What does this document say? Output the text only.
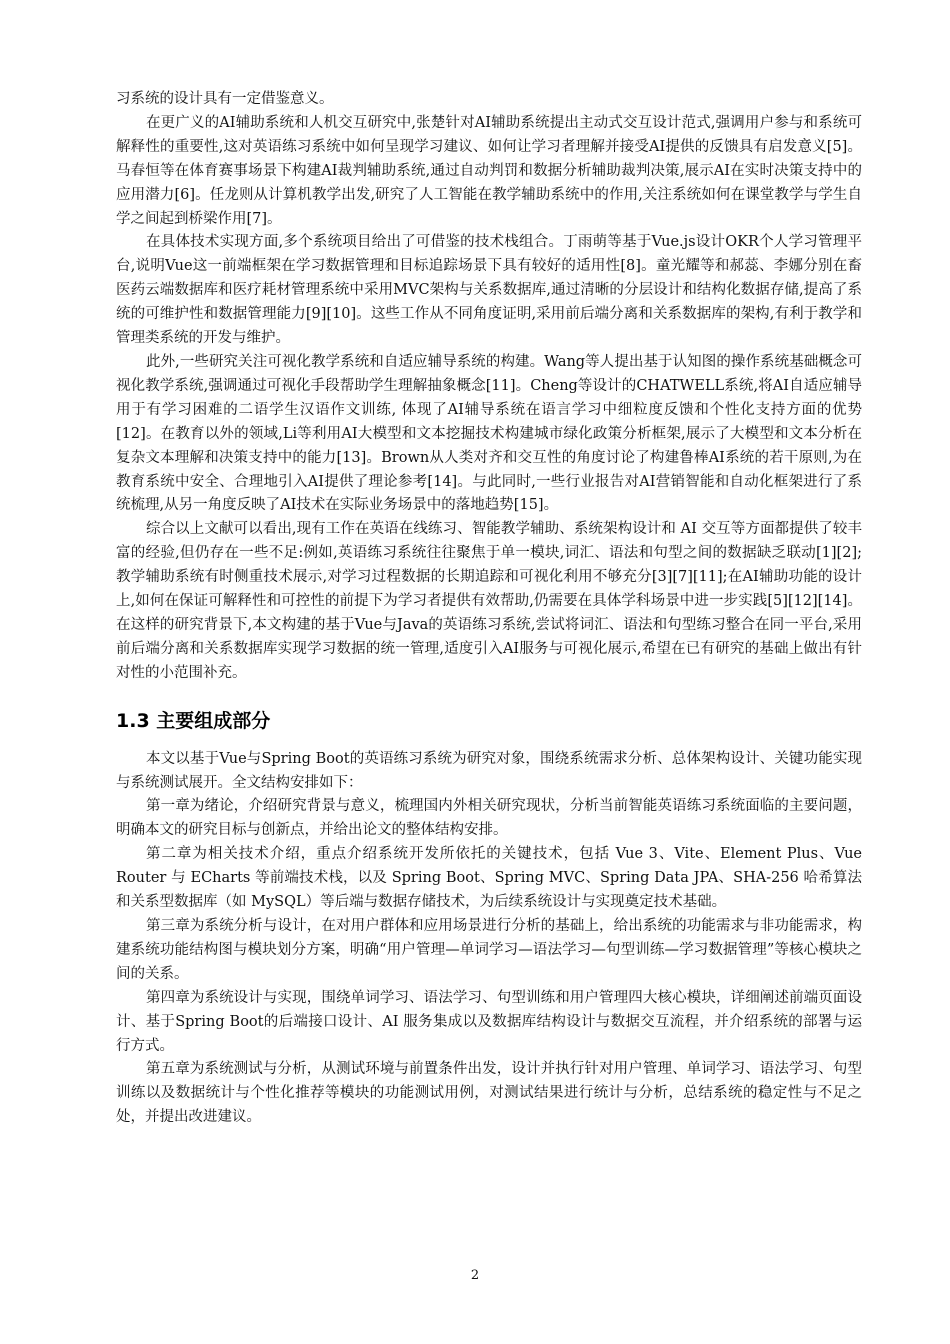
习系统的设计具有一定借鉴意义。

在更广义的AI辅助系统和人机交互研究中,张楚针对AI辅助系统提出主动式交互设计范式,强调用户参与和系统可解释性的重要性,这对英语练习系统中如何呈现学习建议、如何让学习者理解并接受AI提供的反馈具有启发意义[5]。马春恒等在体育赛事场景下构建AI裁判辅助系统,通过自动判罚和数据分析辅助裁判决策,展示AI在实时决策支持中的应用潜力[6]。任龙则从计算机教学出发,研究了人工智能在教学辅助系统中的作用,关注系统如何在课堂教学与学生自学之间起到桥梁作用[7]。

在具体技术实现方面,多个系统项目给出了可借鉴的技术栈组合。丁雨萌等基于Vue.js设计OKR个人学习管理平台,说明Vue这一前端框架在学习数据管理和目标追踪场景下具有较好的适用性[8]。童光耀等和郝蕊、李娜分别在畜医药云端数据库和医疗耗材管理系统中采用MVC架构与关系数据库,通过清晰的分层设计和结构化数据存储,提高了系统的可维护性和数据管理能力[9][10]。这些工作从不同角度证明,采用前后端分离和关系数据库的架构,有利于教学和管理类系统的开发与维护。

此外,一些研究关注可视化教学系统和自适应辅导系统的构建。Wang等人提出基于认知图的操作系统基础概念可视化教学系统,强调通过可视化手段帮助学生理解抽象概念[11]。Cheng等设计的CHATWELL系统,将AI自适应辅导用于有学习困难的二语学生汉语作文训练, 体现了AI辅导系统在语言学习中细粒度反馈和个性化支持方面的优势[12]。在教育以外的领域,Li等利用AI大模型和文本挖掘技术构建城市绿化政策分析框架,展示了大模型和文本分析在复杂文本理解和决策支持中的能力[13]。Brown从人类对齐和交互性的角度讨论了构建鲁棒AI系统的若干原则,为在教育系统中安全、合理地引入AI提供了理论参考[14]。与此同时,一些行业报告对AI营销智能和自动化框架进行了系统梳理,从另一角度反映了AI技术在实际业务场景中的落地趋势[15]。

综合以上文献可以看出,现有工作在英语在线练习、智能教学辅助、系统架构设计和 AI 交互等方面都提供了较丰富的经验,但仍存在一些不足:例如,英语练习系统往往聚焦于单一模块,词汇、语法和句型之间的数据缺乏联动[1][2];教学辅助系统有时侧重技术展示,对学习过程数据的长期追踪和可视化利用不够充分[3][7][11];在AI辅助功能的设计上,如何在保证可解释性和可控性的前提下为学习者提供有效帮助,仍需要在具体学科场景中进一步实践[5][12][14]。在这样的研究背景下,本文构建的基于Vue与Java的英语练习系统,尝试将词汇、语法和句型练习整合在同一平台,采用前后端分离和关系数据库实现学习数据的统一管理,适度引入AI服务与可视化展示,希望在已有研究的基础上做出有针对性的小范围补充。

1.3 主要组成部分

本文以基于Vue与Spring Boot的英语练习系统为研究对象，围绕系统需求分析、总体架构设计、关键功能实现与系统测试展开。全文结构安排如下：

第一章为绪论，介绍研究背景与意义，梳理国内外相关研究现状，分析当前智能英语练习系统面临的主要问题，明确本文的研究目标与创新点，并给出论文的整体结构安排。

第二章为相关技术介绍，重点介绍系统开发所依托的关键技术，包括 Vue 3、Vite、Element Plus、Vue Router 与 ECharts 等前端技术栈，以及 Spring Boot、Spring MVC、Spring Data JPA、SHA-256 哈希算法和关系型数据库（如 MySQL）等后端与数据存储技术，为后续系统设计与实现奠定技术基础。

第三章为系统分析与设计，在对用户群体和应用场景进行分析的基础上，给出系统的功能需求与非功能需求，构建系统功能结构图与模块划分方案，明确“用户管理—单词学习—语法学习—句型训练—学习数据管理”等核心模块之间的关系。

第四章为系统设计与实现，围绕单词学习、语法学习、句型训练和用户管理四大核心模块，详细阐述前端页面设计、基于Spring Boot的后端接口设计、AI 服务集成以及数据库结构设计与数据交互流程，并介绍系统的部署与运行方式。

第五章为系统测试与分析，从测试环境与前置条件出发，设计并执行针对用户管理、单词学习、语法学习、句型训练以及数据统计与个性化推荐等模块的功能测试用例，对测试结果进行统计与分析，总结系统的稳定性与不足之处，并提出改进建议。

2
